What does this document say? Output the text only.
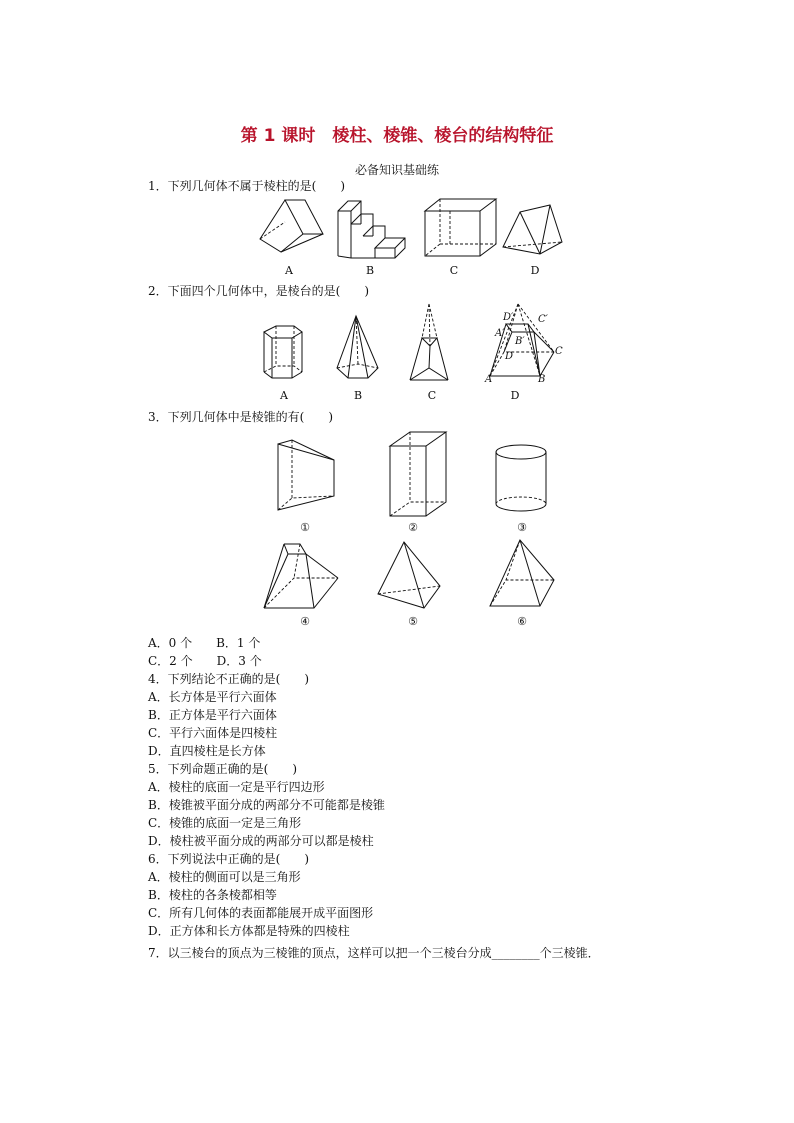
第 1 课时　棱柱、棱锥、棱台的结构特征
必备知识基础练
1．下列几何体不属于棱柱的是(　　)
A	B	C	D
2．下面四个几何体中，是棱台的是(　　)
D′ C′
A′
B′
D	C
A	B
A	B	C	D
3．下列几何体中是棱锥的有(　　)
①	②	③
④	⑤	⑥
A．0 个　　B．1 个
C．2 个　　D．3 个
4．下列结论不正确的是(　　)
A．长方体是平行六面体
B．正方体是平行六面体
C．平行六面体是四棱柱
D．直四棱柱是长方体
5．下列命题正确的是(　　)
A．棱柱的底面一定是平行四边形
B．棱锥被平面分成的两部分不可能都是棱锥
C．棱锥的底面一定是三角形
D．棱柱被平面分成的两部分可以都是棱柱
6．下列说法中正确的是(　　)
A．棱柱的侧面可以是三角形
B．棱柱的各条棱都相等
C．所有几何体的表面都能展开成平面图形
D．正方体和长方体都是特殊的四棱柱
7．以三棱台的顶点为三棱锥的顶点，这样可以把一个三棱台分成________个三棱锥．
